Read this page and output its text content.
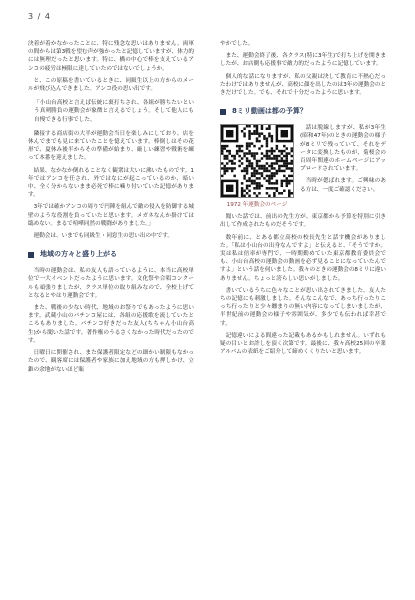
3 / 4

決着が着かなかったことに、特に残念な思いはありません。両軍の間からは第3戦を望む声が強かったと記憶していますが、体力的には無理だったと思います。特に、橋の中心で棒を支えているアンコの疲労は極限に達していたのではないでしょうか。

と、この原稿を書いているときに、同級生以上の方からのメールが飛び込んできました。アンコ役の思い出です。

「小山台高校と言えば伝統に裏打ちされ、各組が勝ちたいという真剣勝負の運動会が象徴と言えるでしょう。そして他人にも自慢できる行事でした。

隣接する商店街の大半が運動会当日を楽しみにしており、店を休んでまでも見に来ていたことを憶えています。棒倒しはその花形で、夏休み後半からその準備が始まり、厳しい練習や戦術を練って本番を迎えました。

結果、なかなか倒れることなく観衆は大いに沸いたものです。1年ではアンコを任され、外ではなにが起こっているのか、暗い中、全く分からないまま必死で棒に噛り付いていた記憶があります。

3年では確かアンコの周りで円陣を組んで敵の侵入を防御する城壁のような役割を負っていたと思います。メガネなんか掛けては臨めない。まるで喧嘩同然の戦闘がありました。」

運動会は、いまでも同級生・同窓生の思い出の中です。

地域の方々と盛り上がる

当時の運動会は、私の友人も語っているように、本当に高校単位で一大イベントだったように思います。文化祭や合唱コンクールも頑張りましたが、クラス単位の取り組みなので、全校上げてとなるとやはり運動会です。

また、戦後の少ない時代、地域のお祭りでもあったように思います。武蔵小山のパチンコ屋には、各組の応援歌を流していたところもありました。パチンコ好きだった友人(ちちゃん小山台高生)から聞いた話です。著作権のうるさくなかった時代だったのです。

日曜日に開催され、また保護者限定などの細かい制限もなかったので、観客席には保護者や家族に加え地域の方も押しかけ、立錐の余地がないほど賑

やかでした。

また、運動会終了後、各クラス(特に3年生)で打ち上げを開きましたが、お店側も応援事で敵力的だったように記憶しています。

個人的な話になりますが、私の父親は決して教育に不熱心だったわけではありませんが、高校に顔を出したのは3年の運動会のときだけでした。でも、それで十分だったように思います。

8ミリ動画は都の予算？
1972 年運動会のページ

話は脱線しますが、私が3年生(昭和47年)のときの運動会の様子が8ミリで残っていて、それをデータに変換したものが、菊桜会の百周年関連のホームページにアップロードされています。

当時が偲ばれます。ご興味のある方は、一度ご確認ください。

聞いた話では、前出の先生方が、東京都から予算を特別に引き出して作成されたものだそうです。

数年前に、とある都立高校の校長先生と話す機会がありました。「私は小山台の出身なんですよ」と伝えると、「そうですか。実は私は倍率が専門で、一時期勤めていた東京都教育委員会でも、小山台高校の運動会の動画を必ず見ることになっていたんですよ」という話を伺いました。我々のときの運動会の8ミリに違いありません。ちょっと誇らしい思いがしました。

書いているうちに色々なことが思い出されてきました。友人たちの記憶にも刺激しました。そんなこんなで、あっち行ったりこっち行ったりと少々纏まりの無い内容になってしまいましたが、半世紀前の運動会の様子や雰囲気が、多少でも伝われば幸甚です。

記憶違いによる間違った記載もあるかもしれません。いずれも疑の目いとお許しを頂く次第です。最後に、我々高校25回の卒業アルバムの表紙をご紹介して締めくくりたいと思います。
